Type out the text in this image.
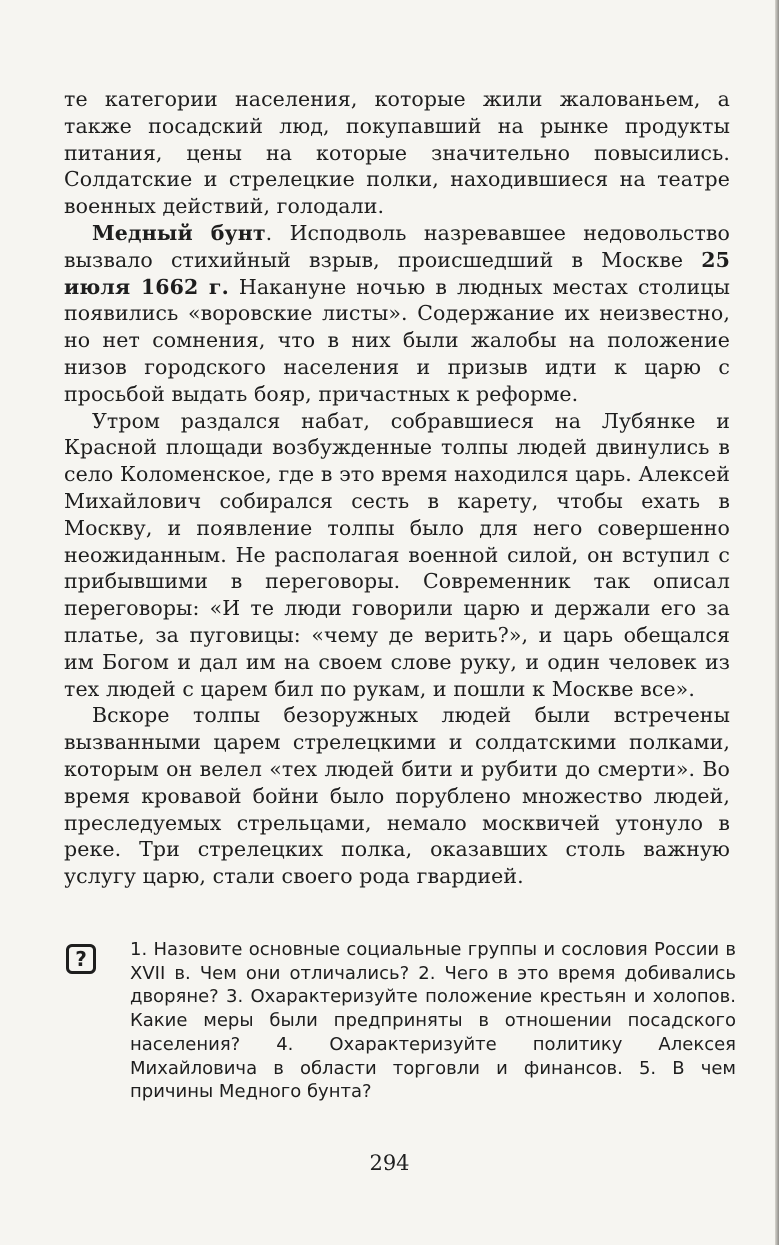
те категории населения, которые жили жалованьем, а также посадский люд, покупавший на рынке продукты питания, цены на которые значительно повысились. Солдатские и стрелецкие полки, находившиеся на театре военных действий, голодали.

Медный бунт. Исподволь назревавшее недовольство вызвало стихийный взрыв, происшедший в Москве 25 июля 1662 г. Накануне ночью в людных местах столицы появились «воровские листы». Содержание их неизвестно, но нет сомнения, что в них были жалобы на положение низов городского населения и призыв идти к царю с просьбой выдать бояр, причастных к реформе.

Утром раздался набат, собравшиеся на Лубянке и Красной площади возбужденные толпы людей двинулись в село Коломенское, где в это время находился царь. Алексей Михайлович собирался сесть в карету, чтобы ехать в Москву, и появление толпы было для него совершенно неожиданным. Не располагая военной силой, он вступил с прибывшими в переговоры. Современник так описал переговоры: «И те люди говорили царю и держали его за платье, за пуговицы: «чему де верить?», и царь обещался им Богом и дал им на своем слове руку, и один человек из тех людей с царем бил по рукам, и пошли к Москве все».

Вскоре толпы безоружных людей были встречены вызванными царем стрелецкими и солдатскими полками, которым он велел «тех людей бити и рубити до смерти». Во время кровавой бойни было порублено множество людей, преследуемых стрельцами, немало москвичей утонуло в реке. Три стрелецких полка, оказавших столь важную услугу царю, стали своего рода гвардией.

?	1. Назовите основные социальные группы и сословия России в XVII в. Чем они отличались? 2. Чего в это время добивались дворяне? 3. Охарактеризуйте положение крестьян и холопов. Какие меры были предприняты в отношении посадского населения? 4. Охарактеризуйте политику Алексея Михайловича в области торговли и финансов. 5. В чем причины Медного бунта?

294
